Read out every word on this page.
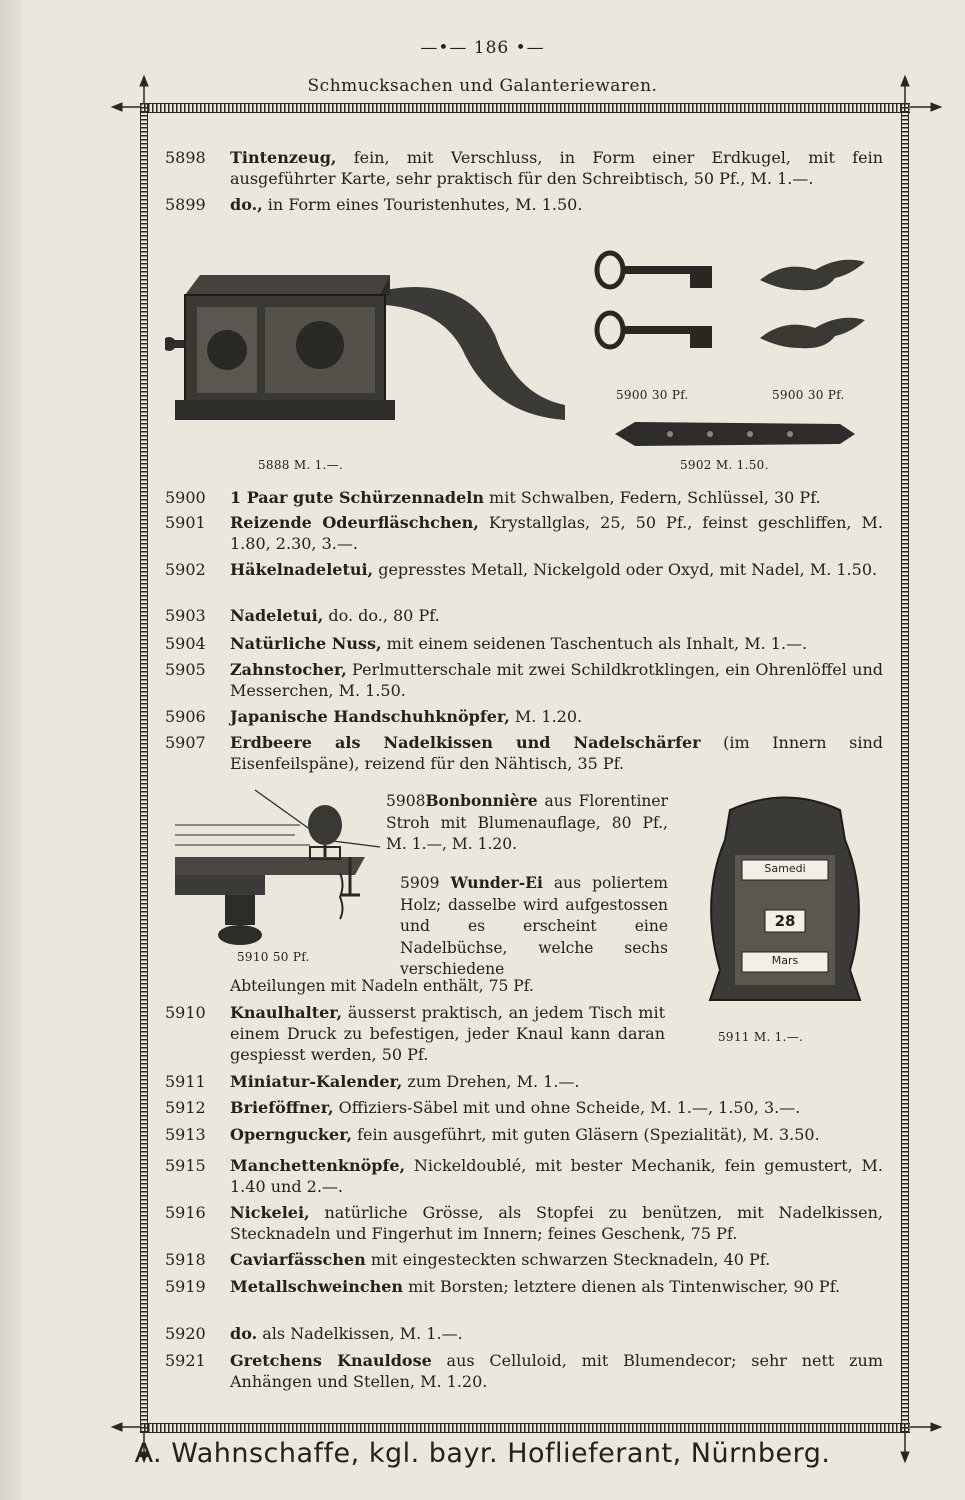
—•— 186 •—
Schmucksachen und Galanteriewaren.
5898	Tintenzeug, fein, mit Verschluss, in Form einer Erdkugel, mit fein ausgeführter Karte, sehr praktisch für den Schreibtisch, 50 Pf., M. 1.—.
5899	do., in Form eines Touristenhutes, M. 1.50.
5888 M. 1.—.
5900 30 Pf.	5900 30 Pf.
5902 M. 1.50.
5900	1 Paar gute Schürzennadeln mit Schwalben, Federn, Schlüssel, 30 Pf.
5901	Reizende Odeurfläschchen, Krystallglas, 25, 50 Pf., feinst geschliffen, M. 1.80, 2.30, 3.—.
5902	Häkelnadeletui, gepresstes Metall, Nickelgold oder Oxyd, mit Nadel, M. 1.50.
5903	Nadeletui, do. do., 80 Pf.
5904	Natürliche Nuss, mit einem seidenen Taschentuch als Inhalt, M. 1.—.
5905	Zahnstocher, Perlmutterschale mit zwei Schildkrotklingen, ein Ohrenlöffel und Messerchen, M. 1.50.
5906	Japanische Handschuhknöpfer, M. 1.20.
5907	Erdbeere als Nadelkissen und Nadelschärfer (im Innern sind Eisenfeilspäne), reizend für den Nähtisch, 35 Pf.
5910 50 Pf.
5908Bonbonnière aus Florentiner Stroh mit Blumenauflage, 80 Pf., M. 1.—, M. 1.20.
5909 Wunder-Ei aus poliertem Holz; dasselbe wird aufgestossen und es erscheint eine Nadelbüchse, welche sechs verschiedene
Samedi
28
Mars
5911 M. 1.—.
Abteilungen mit Nadeln enthält, 75 Pf.
5910	Knaulhalter, äusserst praktisch, an jedem Tisch mit einem Druck zu befestigen, jeder Knaul kann daran gespiesst werden, 50 Pf.
5911	Miniatur-Kalender, zum Drehen, M. 1.—.
5912	Brieföffner, Offiziers-Säbel mit und ohne Scheide, M. 1.—, 1.50, 3.—.
5913	Operngucker, fein ausgeführt, mit guten Gläsern (Spezialität), M. 3.50.
5915	Manchettenknöpfe, Nickeldoublé, mit bester Mechanik, fein gemustert, M. 1.40 und 2.—.
5916	Nickelei, natürliche Grösse, als Stopfei zu benützen, mit Nadelkissen, Stecknadeln und Fingerhut im Innern; feines Geschenk, 75 Pf.
5918	Caviarfässchen mit eingesteckten schwarzen Stecknadeln, 40 Pf.
5919	Metallschweinchen mit Borsten; letztere dienen als Tintenwischer, 90 Pf.
5920	do. als Nadelkissen, M. 1.—.
5921	Gretchens Knauldose aus Celluloid, mit Blumendecor; sehr nett zum Anhängen und Stellen, M. 1.20.
A. Wahnschaffe, kgl. bayr. Hoflieferant, Nürnberg.
